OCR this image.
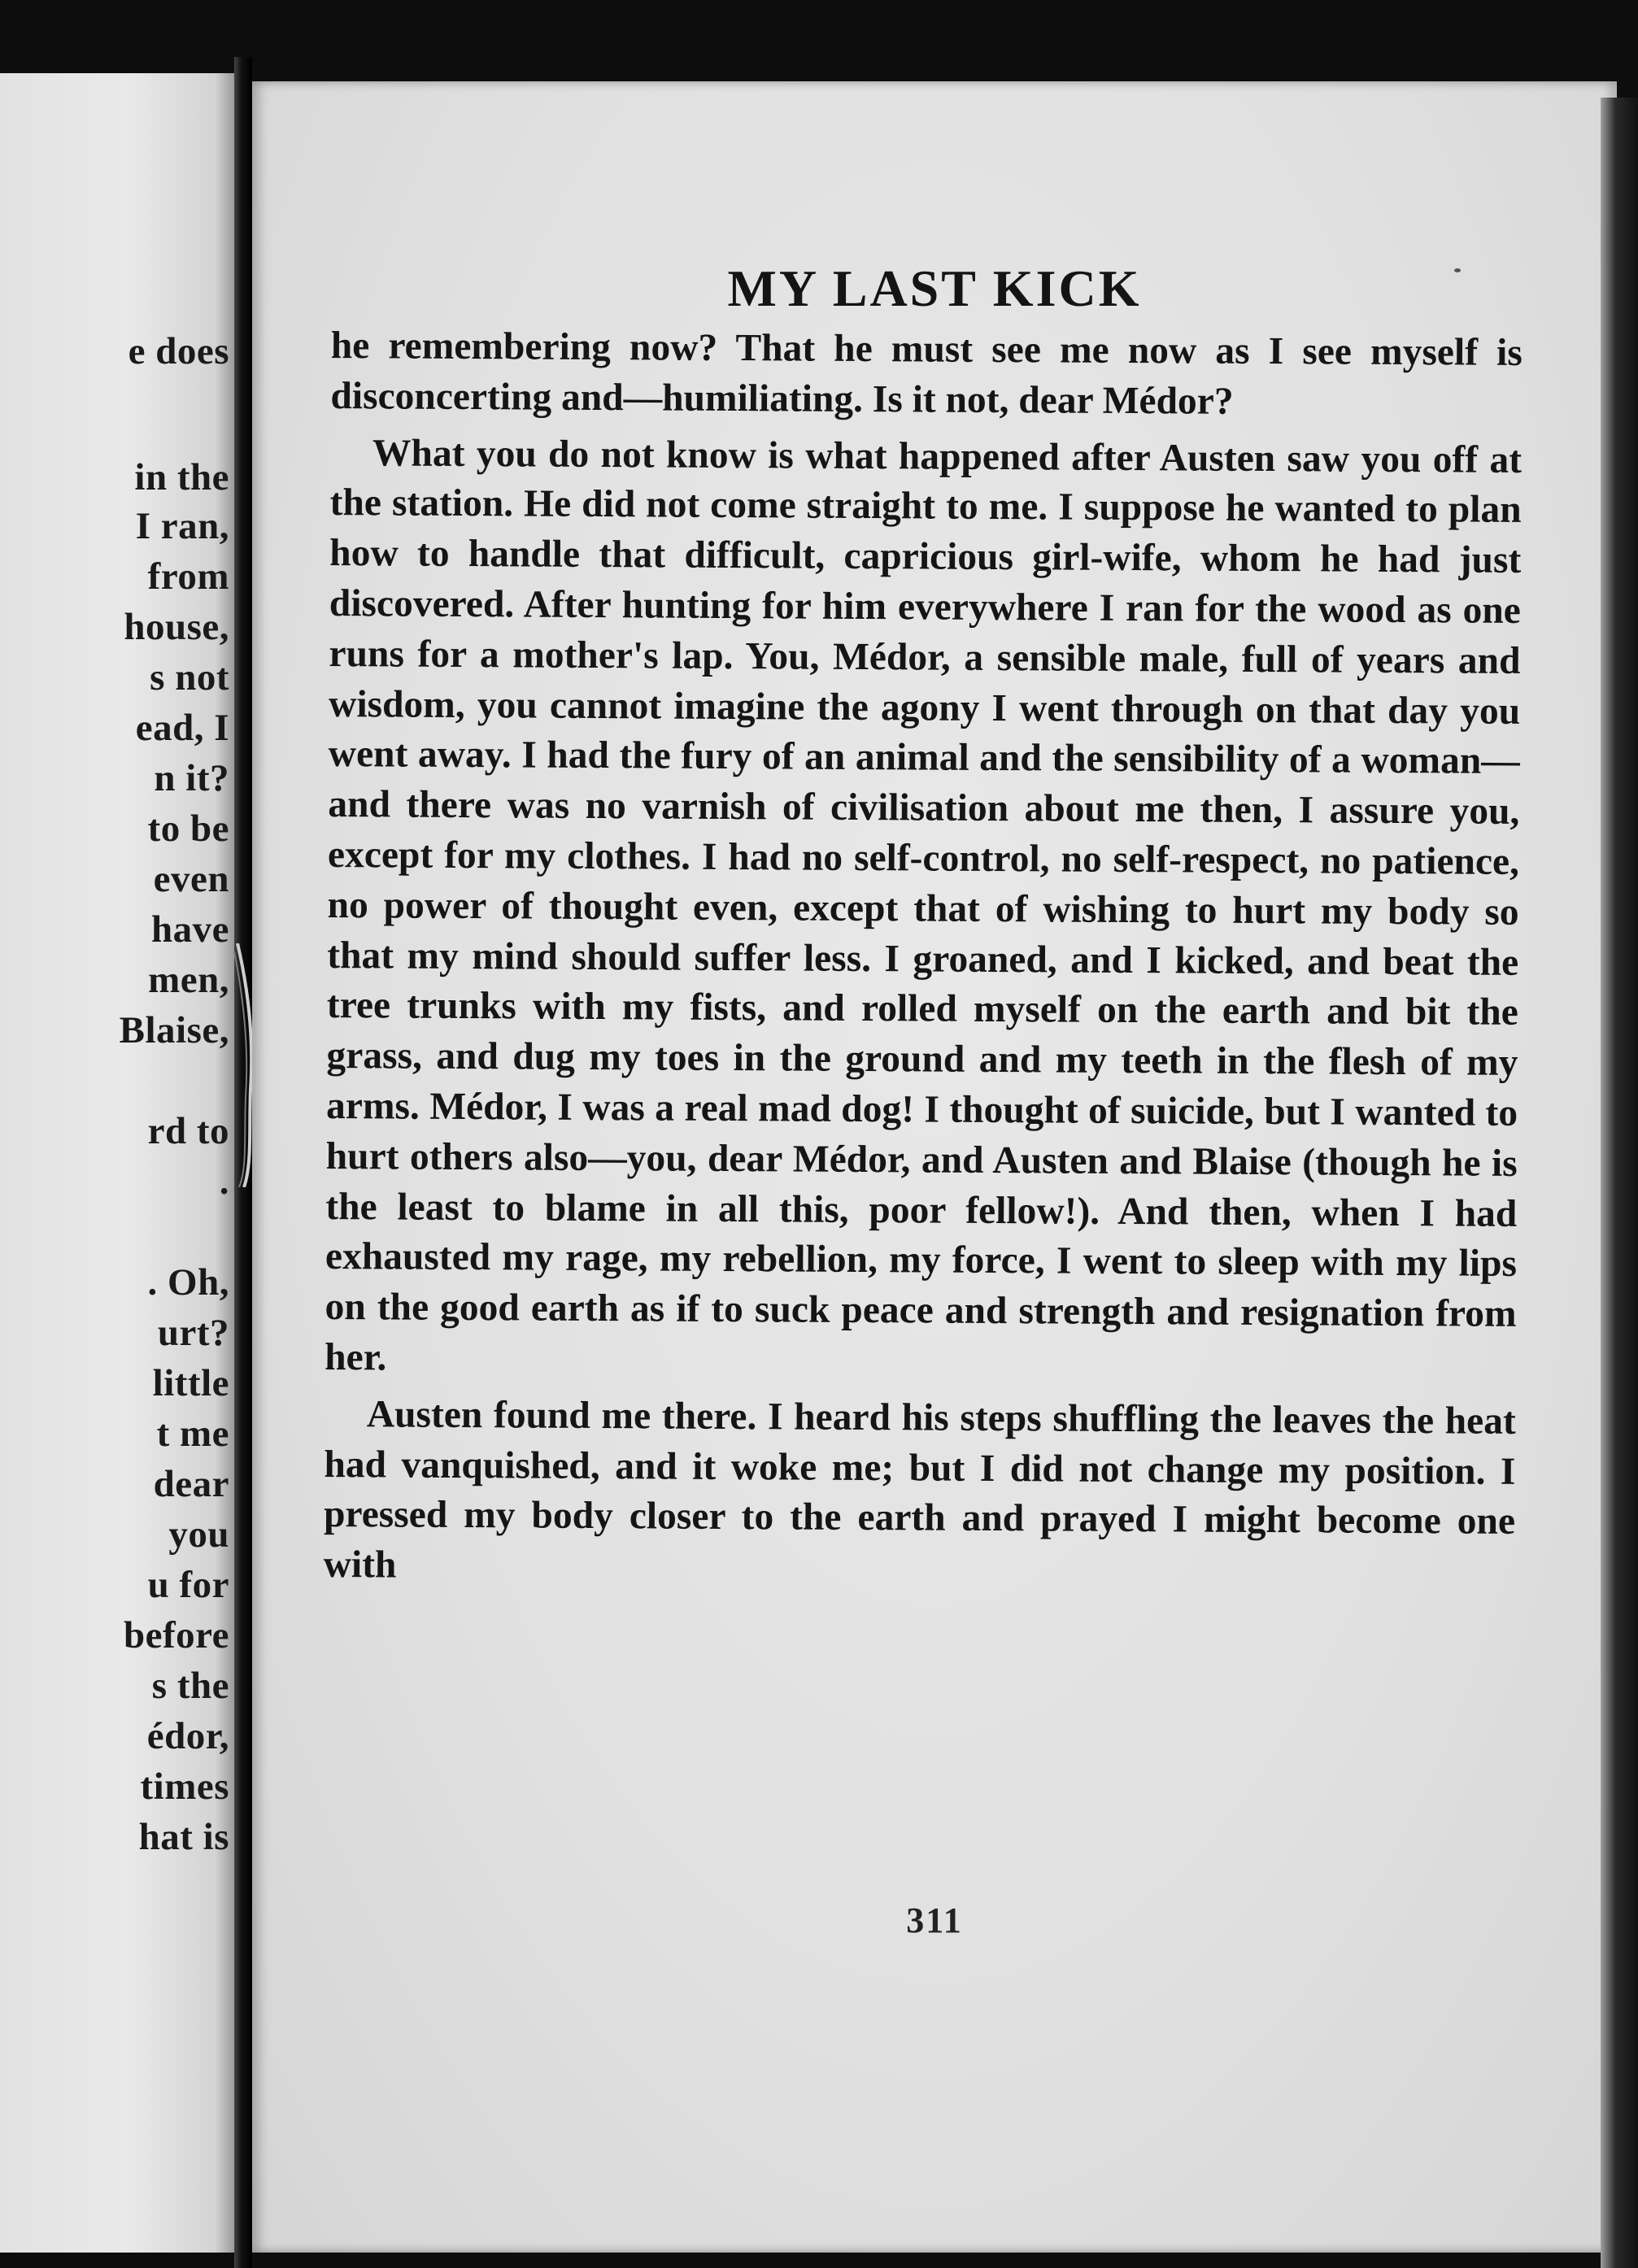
e does
in the
I ran,
from
house,
s not
ead, I
n it?
to be
even
have
men,
Blaise,
rd to
.
. Oh,
urt?
little
t me
dear
you
u for
before
s the
édor,
times
hat is
MY LAST KICK

he remembering now? That he must see me now as I see myself is disconcerting and—humiliating. Is it not, dear Médor?

What you do not know is what happened after Austen saw you off at the station. He did not come straight to me. I suppose he wanted to plan how to handle that difficult, capricious girl-wife, whom he had just discovered. After hunting for him everywhere I ran for the wood as one runs for a mother's lap. You, Médor, a sensible male, full of years and wisdom, you cannot imagine the agony I went through on that day you went away. I had the fury of an animal and the sensibility of a woman—and there was no varnish of civilisation about me then, I assure you, except for my clothes. I had no self-control, no self-respect, no patience, no power of thought even, except that of wishing to hurt my body so that my mind should suffer less. I groaned, and I kicked, and beat the tree trunks with my fists, and rolled myself on the earth and bit the grass, and dug my toes in the ground and my teeth in the flesh of my arms. Médor, I was a real mad dog! I thought of suicide, but I wanted to hurt others also—you, dear Médor, and Austen and Blaise (though he is the least to blame in all this, poor fellow!). And then, when I had exhausted my rage, my rebellion, my force, I went to sleep with my lips on the good earth as if to suck peace and strength and resignation from her.

Austen found me there. I heard his steps shuffling the leaves the heat had vanquished, and it woke me; but I did not change my position. I pressed my body closer to the earth and prayed I might become one with

311
